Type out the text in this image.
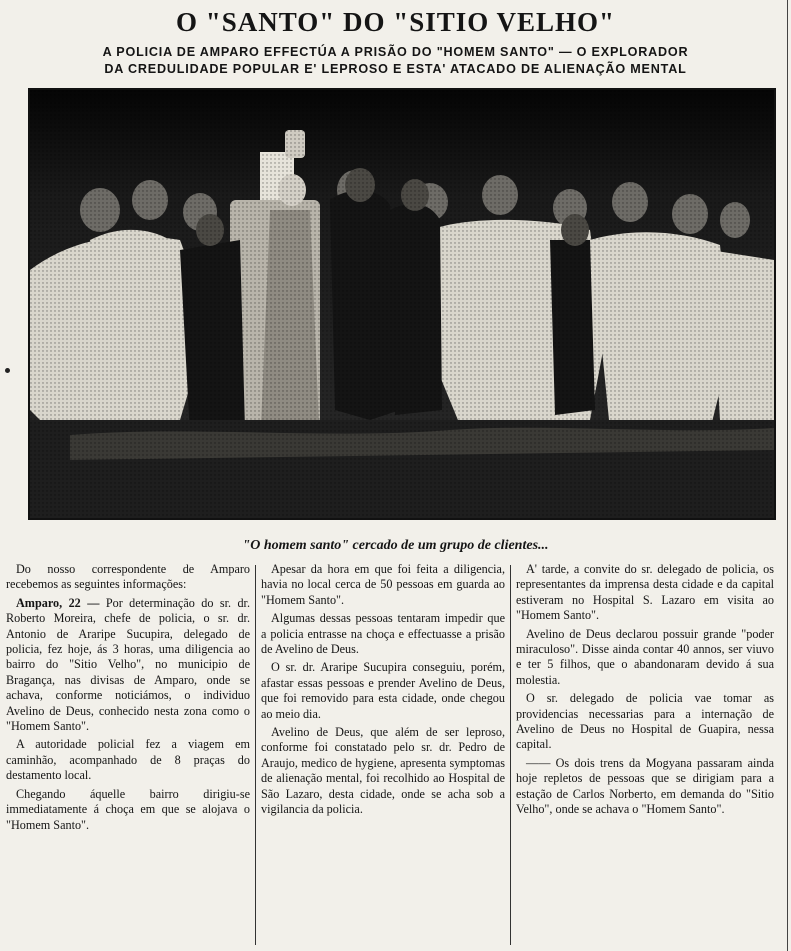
O "SANTO" DO "SITIO VELHO"
A POLICIA DE AMPARO EFFECTÚA A PRISÃO DO "HOMEM SANTO" — O EXPLORADOR
DA CREDULIDADE POPULAR E' LEPROSO E ESTA' ATACADO DE ALIENAÇÃO MENTAL
"O homem santo" cercado de um grupo de clientes...

Do nosso correspondente de Amparo recebemos as seguintes informações:

Amparo, 22 — Por determinação do sr. dr. Roberto Moreira, chefe de policia, o sr. dr. Antonio de Araripe Sucupira, delegado de policia, fez hoje, ás 3 horas, uma diligencia ao bairro do "Sitio Velho", no municipio de Bragança, nas divisas de Amparo, onde se achava, conforme noticiámos, o individuo Avelino de Deus, conhecido nesta zona como o "Homem Santo".

A autoridade policial fez a viagem em caminhão, acompanhado de 8 praças do destamento local.

Chegando áquelle bairro dirigiu-se immediatamente á choça em que se alojava o "Homem Santo".

Apesar da hora em que foi feita a diligencia, havia no local cerca de 50 pessoas em guarda ao "Homem Santo".

Algumas dessas pessoas tentaram impedir que a policia entrasse na choça e effectuasse a prisão de Avelino de Deus.

O sr. dr. Araripe Sucupira conseguiu, porém, afastar essas pessoas e prender Avelino de Deus, que foi removido para esta cidade, onde chegou ao meio dia.

Avelino de Deus, que além de ser leproso, conforme foi constatado pelo sr. dr. Pedro de Araujo, medico de hygiene, apresenta symptomas de alienação mental, foi recolhido ao Hospital de São Lazaro, desta cidade, onde se acha sob a vigilancia da policia.

A' tarde, a convite do sr. delegado de policia, os representantes da imprensa desta cidade e da capital estiveram no Hospital S. Lazaro em visita ao "Homem Santo".

Avelino de Deus declarou possuir grande "poder miraculoso". Disse ainda contar 40 annos, ser viuvo e ter 5 filhos, que o abandonaram devido á sua molestia.

O sr. delegado de policia vae tomar as providencias necessarias para a internação de Avelino de Deus no Hospital de Guapira, nessa capital.

—— Os dois trens da Mogyana passaram ainda hoje repletos de pessoas que se dirigiam para a estação de Carlos Norberto, em demanda do "Sitio Velho", onde se achava o "Homem Santo".
